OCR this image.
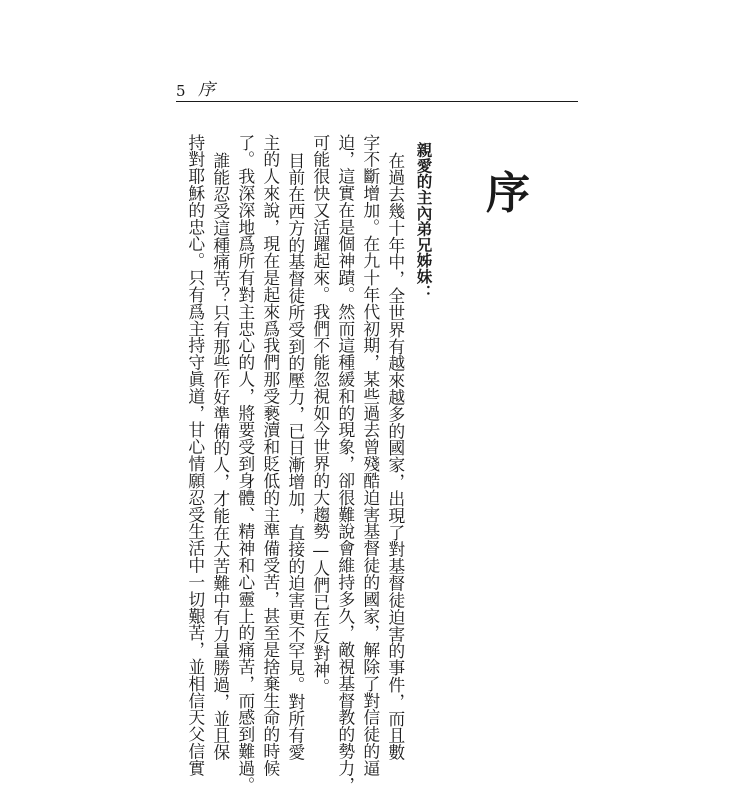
5 序
序
親愛的主內弟兄姊妹：
在過去幾十年中，全世界有越來越多的國家，出現了對基督徒迫害的事件，而且數
字不斷增加。在九十年代初期，某些過去曾殘酷迫害基督徒的國家，解除了對信徒的逼
迫，這實在是個神蹟。然而這種緩和的現象，卻很難說會維持多久，敵視基督教的勢力，
可能很快又活躍起來。我們不能忽視如今世界的大趨勢—人們已在反對神。
目前在西方的基督徒所受到的壓力，已日漸增加，直接的迫害更不罕見。對所有愛
主的人來說，現在是起來爲我們那受褻瀆和貶低的主準備受苦，甚至是捨棄生命的時候
了。我深深地爲所有對主忠心的人，將要受到身體、精神和心靈上的痛苦，而感到難過。
誰能忍受這種痛苦？只有那些作好準備的人，才能在大苦難中有力量勝過，並且保
持對耶穌的忠心。只有爲主持守眞道，甘心情願忍受生活中一切艱苦，並相信天父信實
